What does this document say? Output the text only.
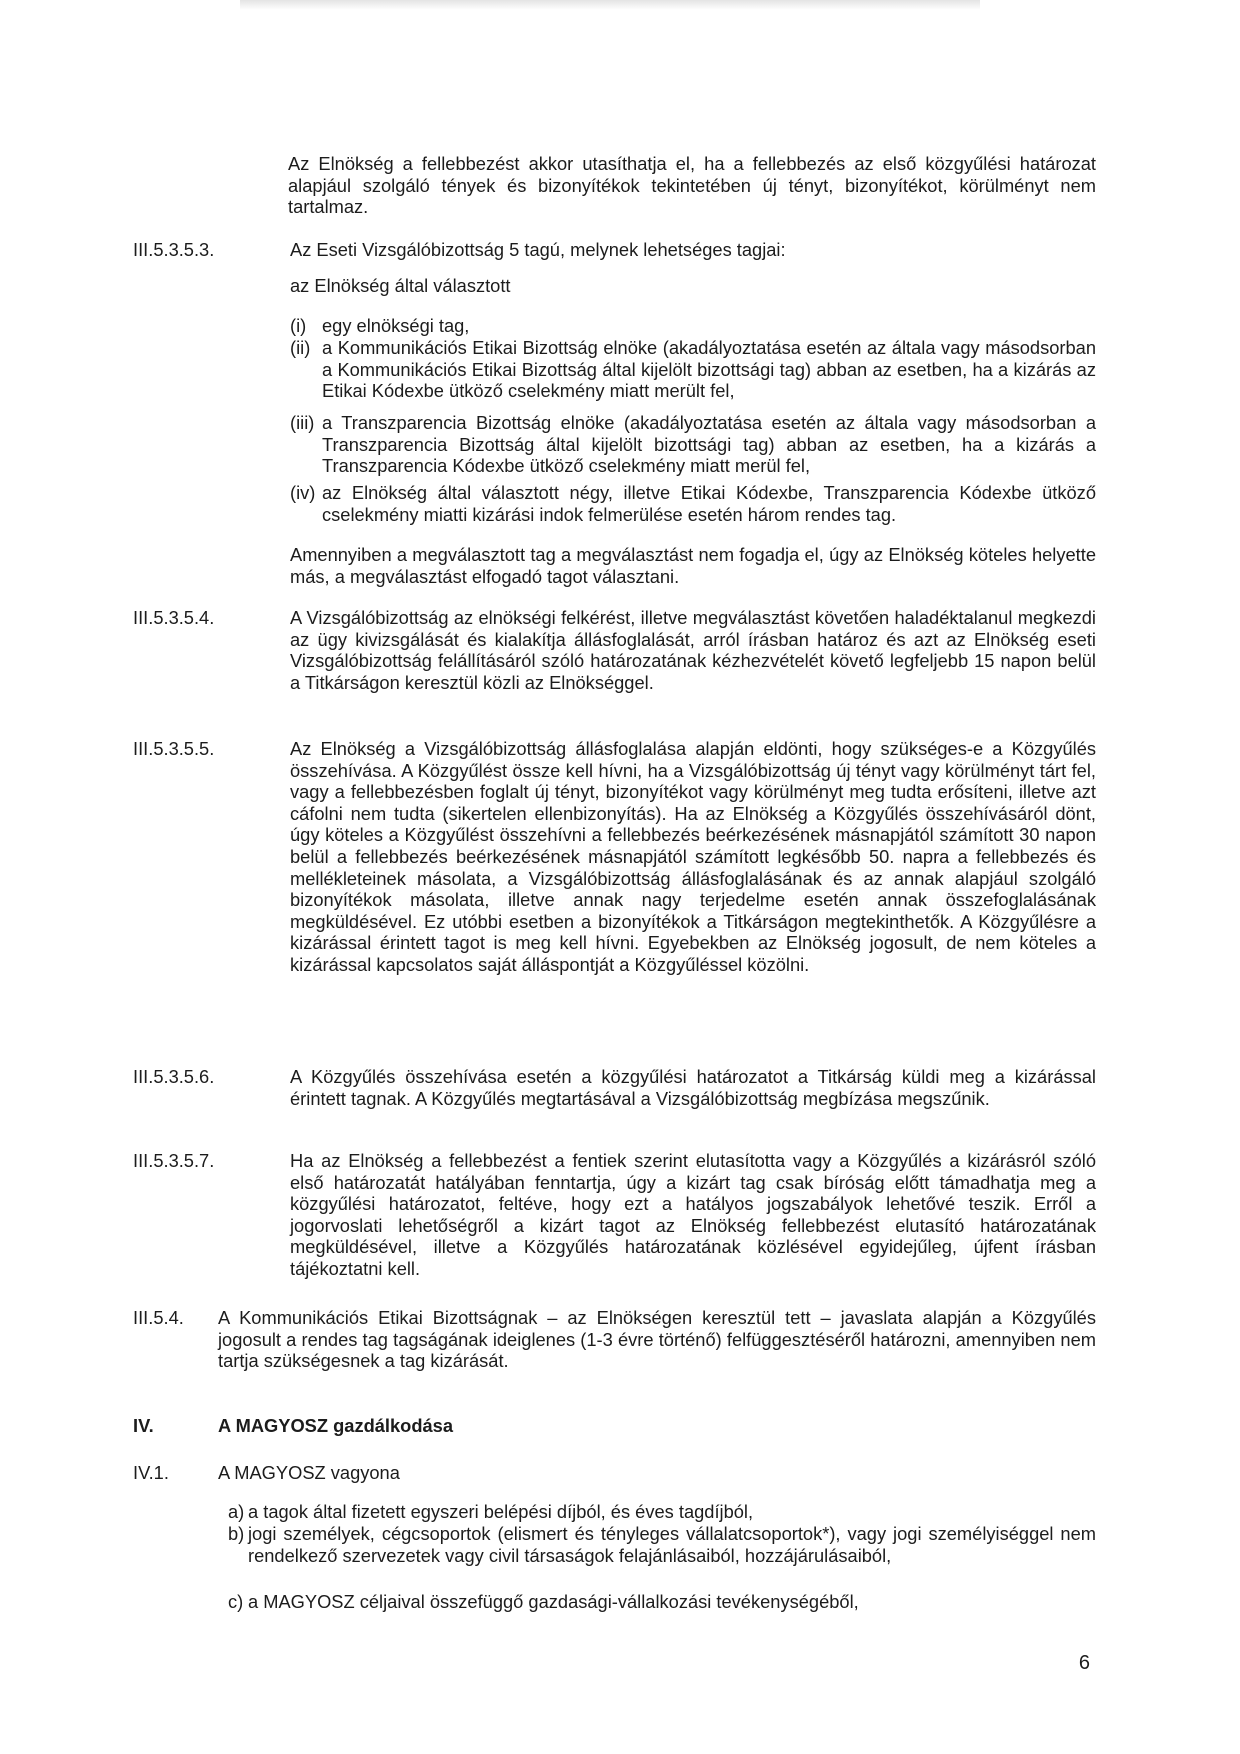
Az Elnökség a fellebbezést akkor utasíthatja el, ha a fellebbezés az első közgyűlési határozat alapjául szolgáló tények és bizonyítékok tekintetében új tényt, bizonyítékot, körülményt nem tartalmaz.

III.5.3.5.3.	Az Eseti Vizsgálóbizottság 5 tagú, melynek lehetséges tagjai:

az Elnökség által választott

(i) egy elnökségi tag,
(ii) a Kommunikációs Etikai Bizottság elnöke (akadályoztatása esetén az általa vagy másodsorban a Kommunikációs Etikai Bizottság által kijelölt bizottsági tag) abban az esetben, ha a kizárás az Etikai Kódexbe ütköző cselekmény miatt merült fel,
(iii) a Transzparencia Bizottság elnöke (akadályoztatása esetén az általa vagy másodsorban a Transzparencia Bizottság által kijelölt bizottsági tag) abban az esetben, ha a kizárás a Transzparencia Kódexbe ütköző cselekmény miatt merül fel,
(iv) az Elnökség által választott négy, illetve Etikai Kódexbe, Transzparencia Kódexbe ütköző cselekmény miatti kizárási indok felmerülése esetén három rendes tag.

Amennyiben a megválasztott tag a megválasztást nem fogadja el, úgy az Elnökség köteles helyette más, a megválasztást elfogadó tagot választani.

III.5.3.5.4.	A Vizsgálóbizottság az elnökségi felkérést, illetve megválasztást követően haladéktalanul megkezdi az ügy kivizsgálását és kialakítja állásfoglalását, arról írásban határoz és azt az Elnökség eseti Vizsgálóbizottság felállításáról szóló határozatának kézhezvételét követő legfeljebb 15 napon belül a Titkárságon keresztül közli az Elnökséggel.

III.5.3.5.5.	Az Elnökség a Vizsgálóbizottság állásfoglalása alapján eldönti, hogy szükséges-e a Közgyűlés összehívása. A Közgyűlést össze kell hívni, ha a Vizsgálóbizottság új tényt vagy körülményt tárt fel, vagy a fellebbezésben foglalt új tényt, bizonyítékot vagy körülményt meg tudta erősíteni, illetve azt cáfolni nem tudta (sikertelen ellenbizonyítás). Ha az Elnökség a Közgyűlés összehívásáról dönt, úgy köteles a Közgyűlést összehívni a fellebbezés beérkezésének másnapjától számított 30 napon belül a fellebbezés beérkezésének másnapjától számított legkésőbb 50. napra a fellebbezés és mellékleteinek másolata, a Vizsgálóbizottság állásfoglalásának és az annak alapjául szolgáló bizonyítékok másolata, illetve annak nagy terjedelme esetén annak összefoglalásának megküldésével. Ez utóbbi esetben a bizonyítékok a Titkárságon megtekinthetők. A Közgyűlésre a kizárással érintett tagot is meg kell hívni. Egyebekben az Elnökség jogosult, de nem köteles a kizárással kapcsolatos saját álláspontját a Közgyűléssel közölni.

III.5.3.5.6.	A Közgyűlés összehívása esetén a közgyűlési határozatot a Titkárság küldi meg a kizárással érintett tagnak. A Közgyűlés megtartásával a Vizsgálóbizottság megbízása megszűnik.

III.5.3.5.7.	Ha az Elnökség a fellebbezést a fentiek szerint elutasította vagy a Közgyűlés a kizárásról szóló első határozatát hatályában fenntartja, úgy a kizárt tag csak bíróság előtt támadhatja meg a közgyűlési határozatot, feltéve, hogy ezt a hatályos jogszabályok lehetővé teszik. Erről a jogorvoslati lehetőségről a kizárt tagot az Elnökség fellebbezést elutasító határozatának megküldésével, illetve a Közgyűlés határozatának közlésével egyidejűleg, újfent írásban tájékoztatni kell.

III.5.4. A Kommunikációs Etikai Bizottságnak – az Elnökségen keresztül tett – javaslata alapján a Közgyűlés jogosult a rendes tag tagságának ideiglenes (1-3 évre történő) felfüggesztéséről határozni, amennyiben nem tartja szükségesnek a tag kizárását.

IV.	A MAGYOSZ gazdálkodása
IV.1.	A MAGYOSZ vagyona
a) a tagok által fizetett egyszeri belépési díjból, és éves tagdíjból,
b) jogi személyek, cégcsoportok (elismert és tényleges vállalatcsoportok*), vagy jogi személyiséggel nem rendelkező szervezetek vagy civil társaságok felajánlásaiból, hozzájárulásaiból,
c) a MAGYOSZ céljaival összefüggő gazdasági-vállalkozási tevékenységéből,
6
